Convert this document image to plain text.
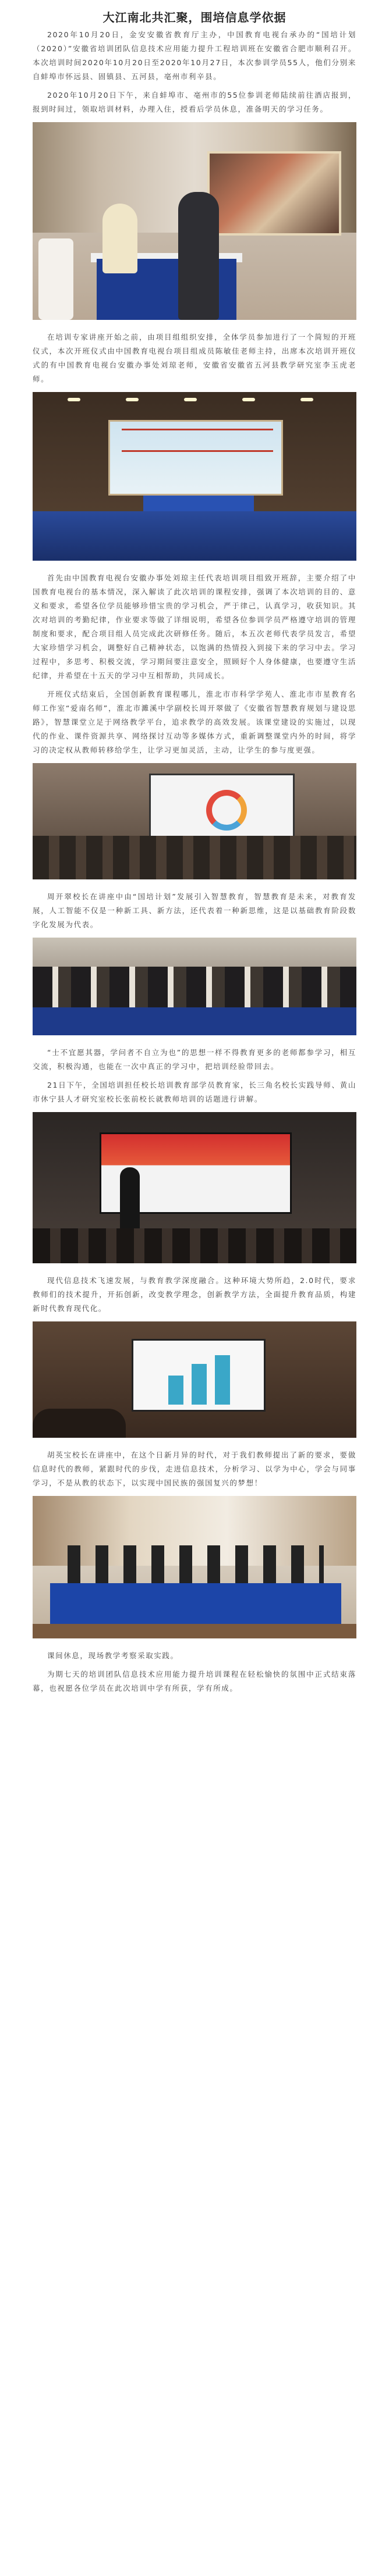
大江南北共汇聚，围培信息学依据

2020年10月20日，金安安徽省教育厅主办，中国教育电视台承办的“国培计划（2020）”安徽省培训团队信息技术应用能力提升工程培训班在安徽省合肥市顺利召开。本次培训时间2020年10月20日至2020年10月27日，本次参训学员55人，他们分别来自蚌埠市怀远县、固镇县、五河县，亳州市利辛县。

2020年10月20日下午，来自蚌埠市、亳州市的55位参训老师陆续前往酒店报到，报到时间过，领取培训材料，办理入住，授看后学员休息，准备明天的学习任务。

在培训专家讲座开始之前，由项目组组织安排，全体学员参加进行了一个简短的开班仪式，本次开班仪式由中国教育电视台项目组成员陈敏佳老师主持，出席本次培训开班仪式的有中国教育电视台安徽办事处刘琼老师，安徽省安徽省五河县教学研究室李玉虎老师。

首先由中国教育电视台安徽办事处刘琼主任代表培训项目组致开班辞，主要介绍了中国教育电视台的基本情况，深入解读了此次培训的课程安排，强调了本次培训的目的、意义和要求，希望各位学员能够珍惜宝贵的学习机会，严于律己，认真学习，收获知识。其次对培训的考勤纪律，作业要求等做了详细说明，希望各位参训学员严格遵守培训的管理制度和要求，配合项目组人员完成此次研修任务。随后，本五次老师代表学员发言，希望大家珍惜学习机会，调整好自己精神状态，以饱满的热情投入到接下来的学习中去。学习过程中，多思考、积极交流，学习期间要注意安全，照顾好个人身体健康，也要遵守生活纪律，并希望在十五天的学习中互相帮助，共同成长。

开班仪式结束后，全国创新教育课程哪儿，淮北市市科学学苑人、淮北市市星教育名师工作室“爱南名师”，淮北市濉溪中学副校长周开翠做了《安徽省智慧教育规划与建设思路》，智慧课堂立足于网络教学平台，追求教学的高效发展。该课堂建设的实施过，以现代的作业、课件资源共享、网络探讨互动等多媒体方式，重新调整课堂内外的时间，将学习的决定权从教师转移给学生，让学习更加灵活，主动，让学生的参与度更强。

周开翠校长在讲座中由“国培计划”发展引入智慧教育，智慧教育是未来，对教育发展，人工智能不仅是一种新工具、新方法，还代表着一种新思维，这是以基础教育阶段数字化发展为代表。

“士不宜愿其器，学问者不自立为也”的思想一样不得教育更多的老师都参学习，相互交流，积极沟通，也能在一次中真正的学习中，把培训经验带回去。

21日下午，全国培训担任校长培训教育部学员教育家，长三角名校长实践导师、黄山市休宁县人才研究室校长张前校长就教师培训的话题进行讲解。

现代信息技术飞速发展，与教育教学深度融合。这种环境大势所趋，2.0时代，要求教师们的技术提升，开拓创新，改变教学理念，创新教学方法，全面提升教育品质，构建新时代教育现代化。

胡英宝校长在讲座中，在这个日新月异的时代，对于我们教师提出了新的要求，要做信息时代的教师，紧跟时代的步伐，走进信息技术，分析学习、以学为中心，学会与同事学习，不是从教的状态下，以实现中国民族的强国复兴的梦想！

课间休息，现场教学考察采取实践。

为期七天的培训团队信息技术应用能力提升培训课程在轻松愉快的氛围中正式结束落幕，也祝愿各位学员在此次培训中学有所获，学有所成。
